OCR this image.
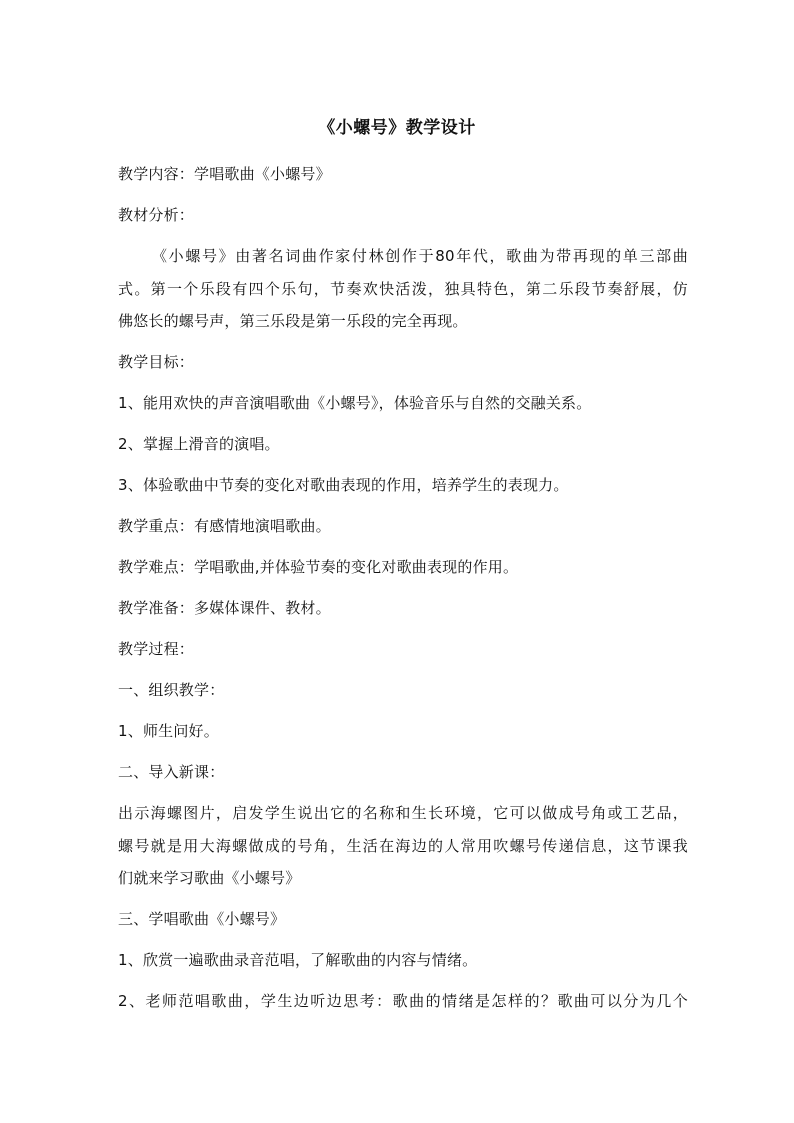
《小螺号》教学设计
教学内容：学唱歌曲《小螺号》
教材分析：
《小螺号》由著名词曲作家付林创作于80年代，歌曲为带再现的单三部曲
式。第一个乐段有四个乐句，节奏欢快活泼，独具特色，第二乐段节奏舒展，仿
佛悠长的螺号声，第三乐段是第一乐段的完全再现。
教学目标：
1、能用欢快的声音演唱歌曲《小螺号》，体验音乐与自然的交融关系。
2、掌握上滑音的演唱。
3、体验歌曲中节奏的变化对歌曲表现的作用，培养学生的表现力。
教学重点：有感情地演唱歌曲。
教学难点：学唱歌曲,并体验节奏的变化对歌曲表现的作用。
教学准备：多媒体课件、教材。
教学过程：
一、组织教学：
1、师生问好。
二、导入新课：
出示海螺图片，启发学生说出它的名称和生长环境，它可以做成号角或工艺品，
螺号就是用大海螺做成的号角，生活在海边的人常用吹螺号传递信息，这节课我
们就来学习歌曲《小螺号》
三、学唱歌曲《小螺号》
1、欣赏一遍歌曲录音范唱，了解歌曲的内容与情绪。
2、老师范唱歌曲，学生边听边思考：歌曲的情绪是怎样的？歌曲可以分为几个
